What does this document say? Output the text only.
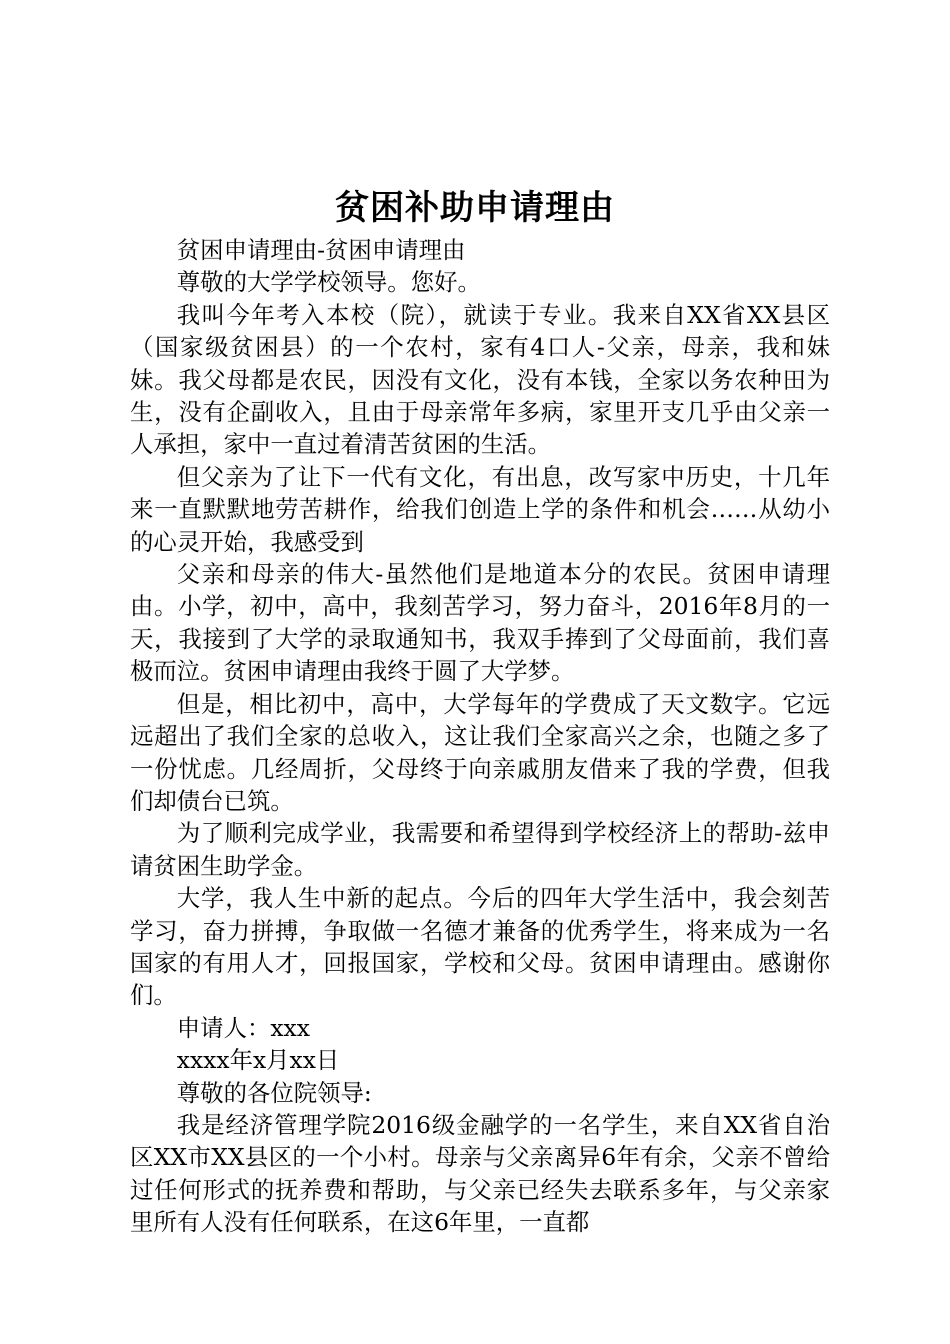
贫困补助申请理由

贫困申请理由-贫困申请理由

尊敬的大学学校领导。您好。

我叫今年考入本校（院），就读于专业。我来自XX省XX县区（国家级贫困县）的一个农村，家有4口人-父亲，母亲，我和妹妹。我父母都是农民，因没有文化，没有本钱，全家以务农种田为生，没有企副收入，且由于母亲常年多病，家里开支几乎由父亲一人承担，家中一直过着清苦贫困的生活。

但父亲为了让下一代有文化，有出息，改写家中历史，十几年来一直默默地劳苦耕作，给我们创造上学的条件和机会……从幼小的心灵开始，我感受到

父亲和母亲的伟大-虽然他们是地道本分的农民。贫困申请理由。小学，初中，高中，我刻苦学习，努力奋斗，2016年8月的一天，我接到了大学的录取通知书，我双手捧到了父母面前，我们喜极而泣。贫困申请理由我终于圆了大学梦。

但是，相比初中，高中，大学每年的学费成了天文数字。它远远超出了我们全家的总收入，这让我们全家高兴之余，也随之多了一份忧虑。几经周折，父母终于向亲戚朋友借来了我的学费，但我们却债台已筑。

为了顺利完成学业，我需要和希望得到学校经济上的帮助-兹申请贫困生助学金。

大学，我人生中新的起点。今后的四年大学生活中，我会刻苦学习，奋力拼搏，争取做一名德才兼备的优秀学生，将来成为一名国家的有用人才，回报国家，学校和父母。贫困申请理由。感谢你们。

申请人：xxx

xxxx年x月xx日

尊敬的各位院领导:

我是经济管理学院2016级金融学的一名学生，来自XX省自治区XX市XX县区的一个小村。母亲与父亲离异6年有余，父亲不曾给过任何形式的抚养费和帮助，与父亲已经失去联系多年，与父亲家里所有人没有任何联系，在这6年里，一直都
